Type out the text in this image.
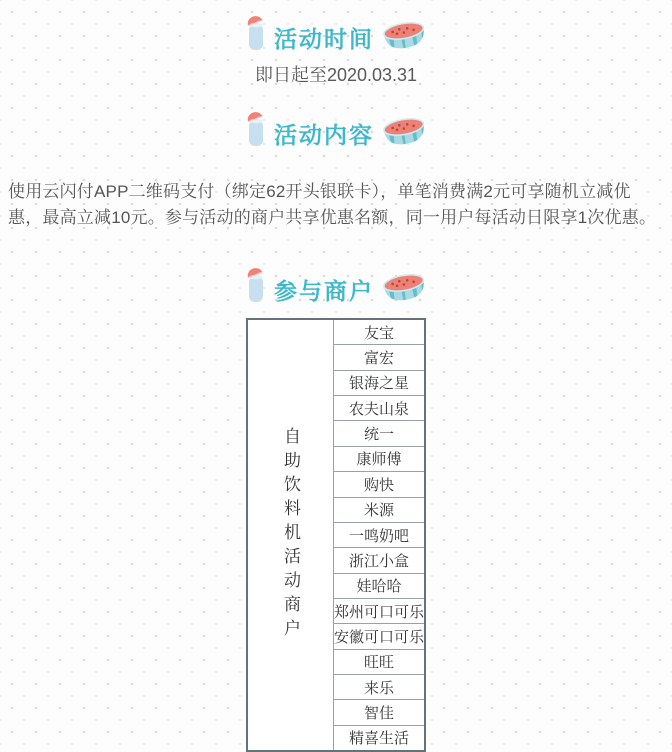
活动时间
即日起至2020.03.31
活动内容

使用云闪付APP二维码支付（绑定62开头银联卡），单笔消费满2元可享随机立减优惠，最高立减10元。参与活动的商户共享优惠名额，同一用户每活动日限享1次优惠。

参与商户
自助饮料机活动商户
友宝
富宏
银海之星
农夫山泉
统一
康师傅
购快
米源
一鸣奶吧
浙江小盒
娃哈哈
郑州可口可乐
安徽可口可乐
旺旺
来乐
智佳
精喜生活
